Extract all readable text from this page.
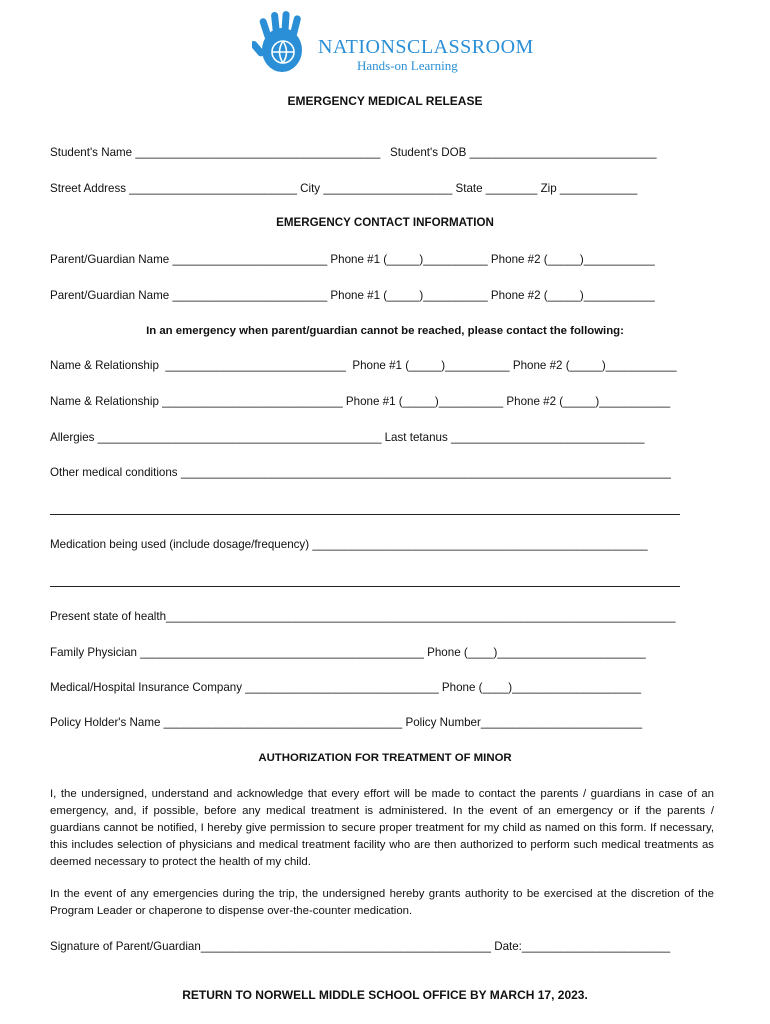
NATIONSCLASSROOM
Hands-on Learning
EMERGENCY MEDICAL RELEASE
Student's Name ______________________________________   Student's DOB _____________________________
Street Address __________________________ City ____________________ State ________ Zip ____________
EMERGENCY CONTACT INFORMATION
Parent/Guardian Name ________________________ Phone #1 (_____)__________ Phone #2 (_____)___________
Parent/Guardian Name ________________________ Phone #1 (_____)__________ Phone #2 (_____)___________
In an emergency when parent/guardian cannot be reached, please contact the following:
Name & Relationship  ____________________________  Phone #1 (_____)__________ Phone #2 (_____)___________
Name & Relationship ____________________________ Phone #1 (_____)__________ Phone #2 (_____)___________
Allergies ____________________________________________ Last tetanus ______________________________
Other medical conditions ____________________________________________________________________________
Medication being used (include dosage/frequency) ____________________________________________________
Present state of health_______________________________________________________________________________
Family Physician ____________________________________________ Phone (____)_______________________
Medical/Hospital Insurance Company ______________________________ Phone (____)____________________
Policy Holder's Name _____________________________________ Policy Number_________________________
AUTHORIZATION FOR TREATMENT OF MINOR
I, the undersigned, understand and acknowledge that every effort will be made to contact the parents / guardians in case of an emergency, and, if possible, before any medical treatment is administered. In the event of an emergency or if the parents / guardians cannot be notified, I hereby give permission to secure proper treatment for my child as named on this form. If necessary, this includes selection of physicians and medical treatment facility who are then authorized to perform such medical treatments as deemed necessary to protect the health of my child.
In the event of any emergencies during the trip, the undersigned hereby grants authority to be exercised at the discretion of the Program Leader or chaperone to dispense over-the-counter medication.
Signature of Parent/Guardian_____________________________________________ Date:_______________________
RETURN TO NORWELL MIDDLE SCHOOL OFFICE BY MARCH 17, 2023.
